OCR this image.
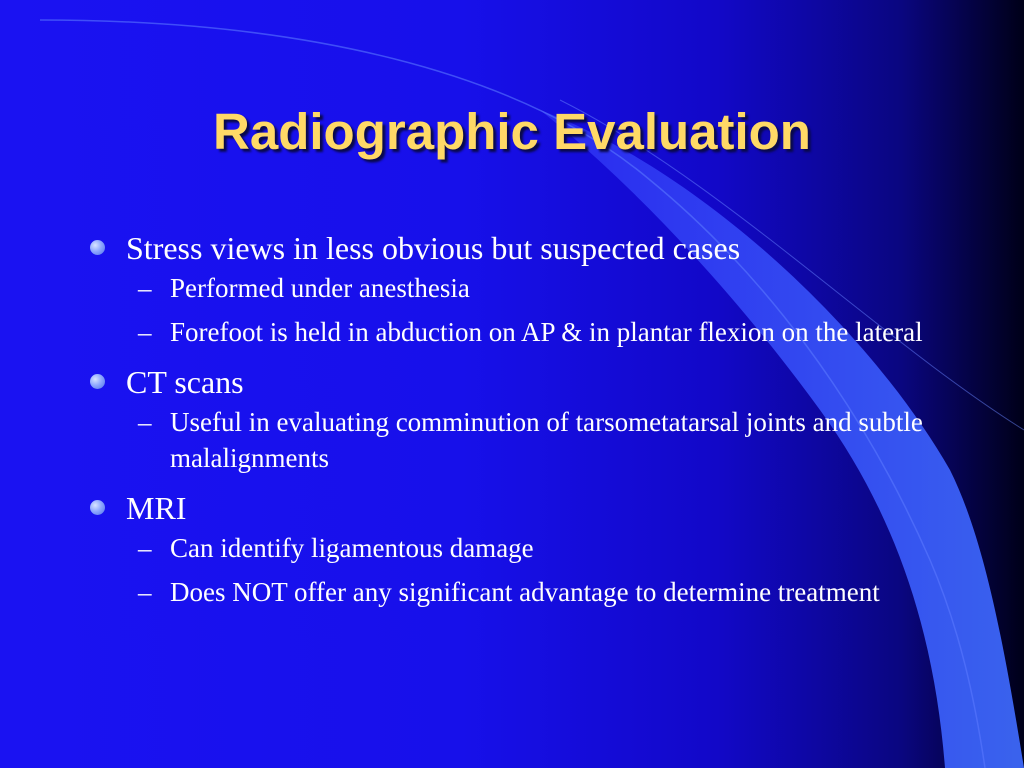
Radiographic Evaluation

Stress views in less obvious but suspected cases

– Performed under anesthesia

– Forefoot is held in abduction on AP & in plantar flexion on the lateral

CT scans

– Useful in evaluating comminution of tarsometatarsal joints and subtle malalignments

MRI

– Can identify ligamentous damage

– Does NOT offer any significant advantage to determine treatment
